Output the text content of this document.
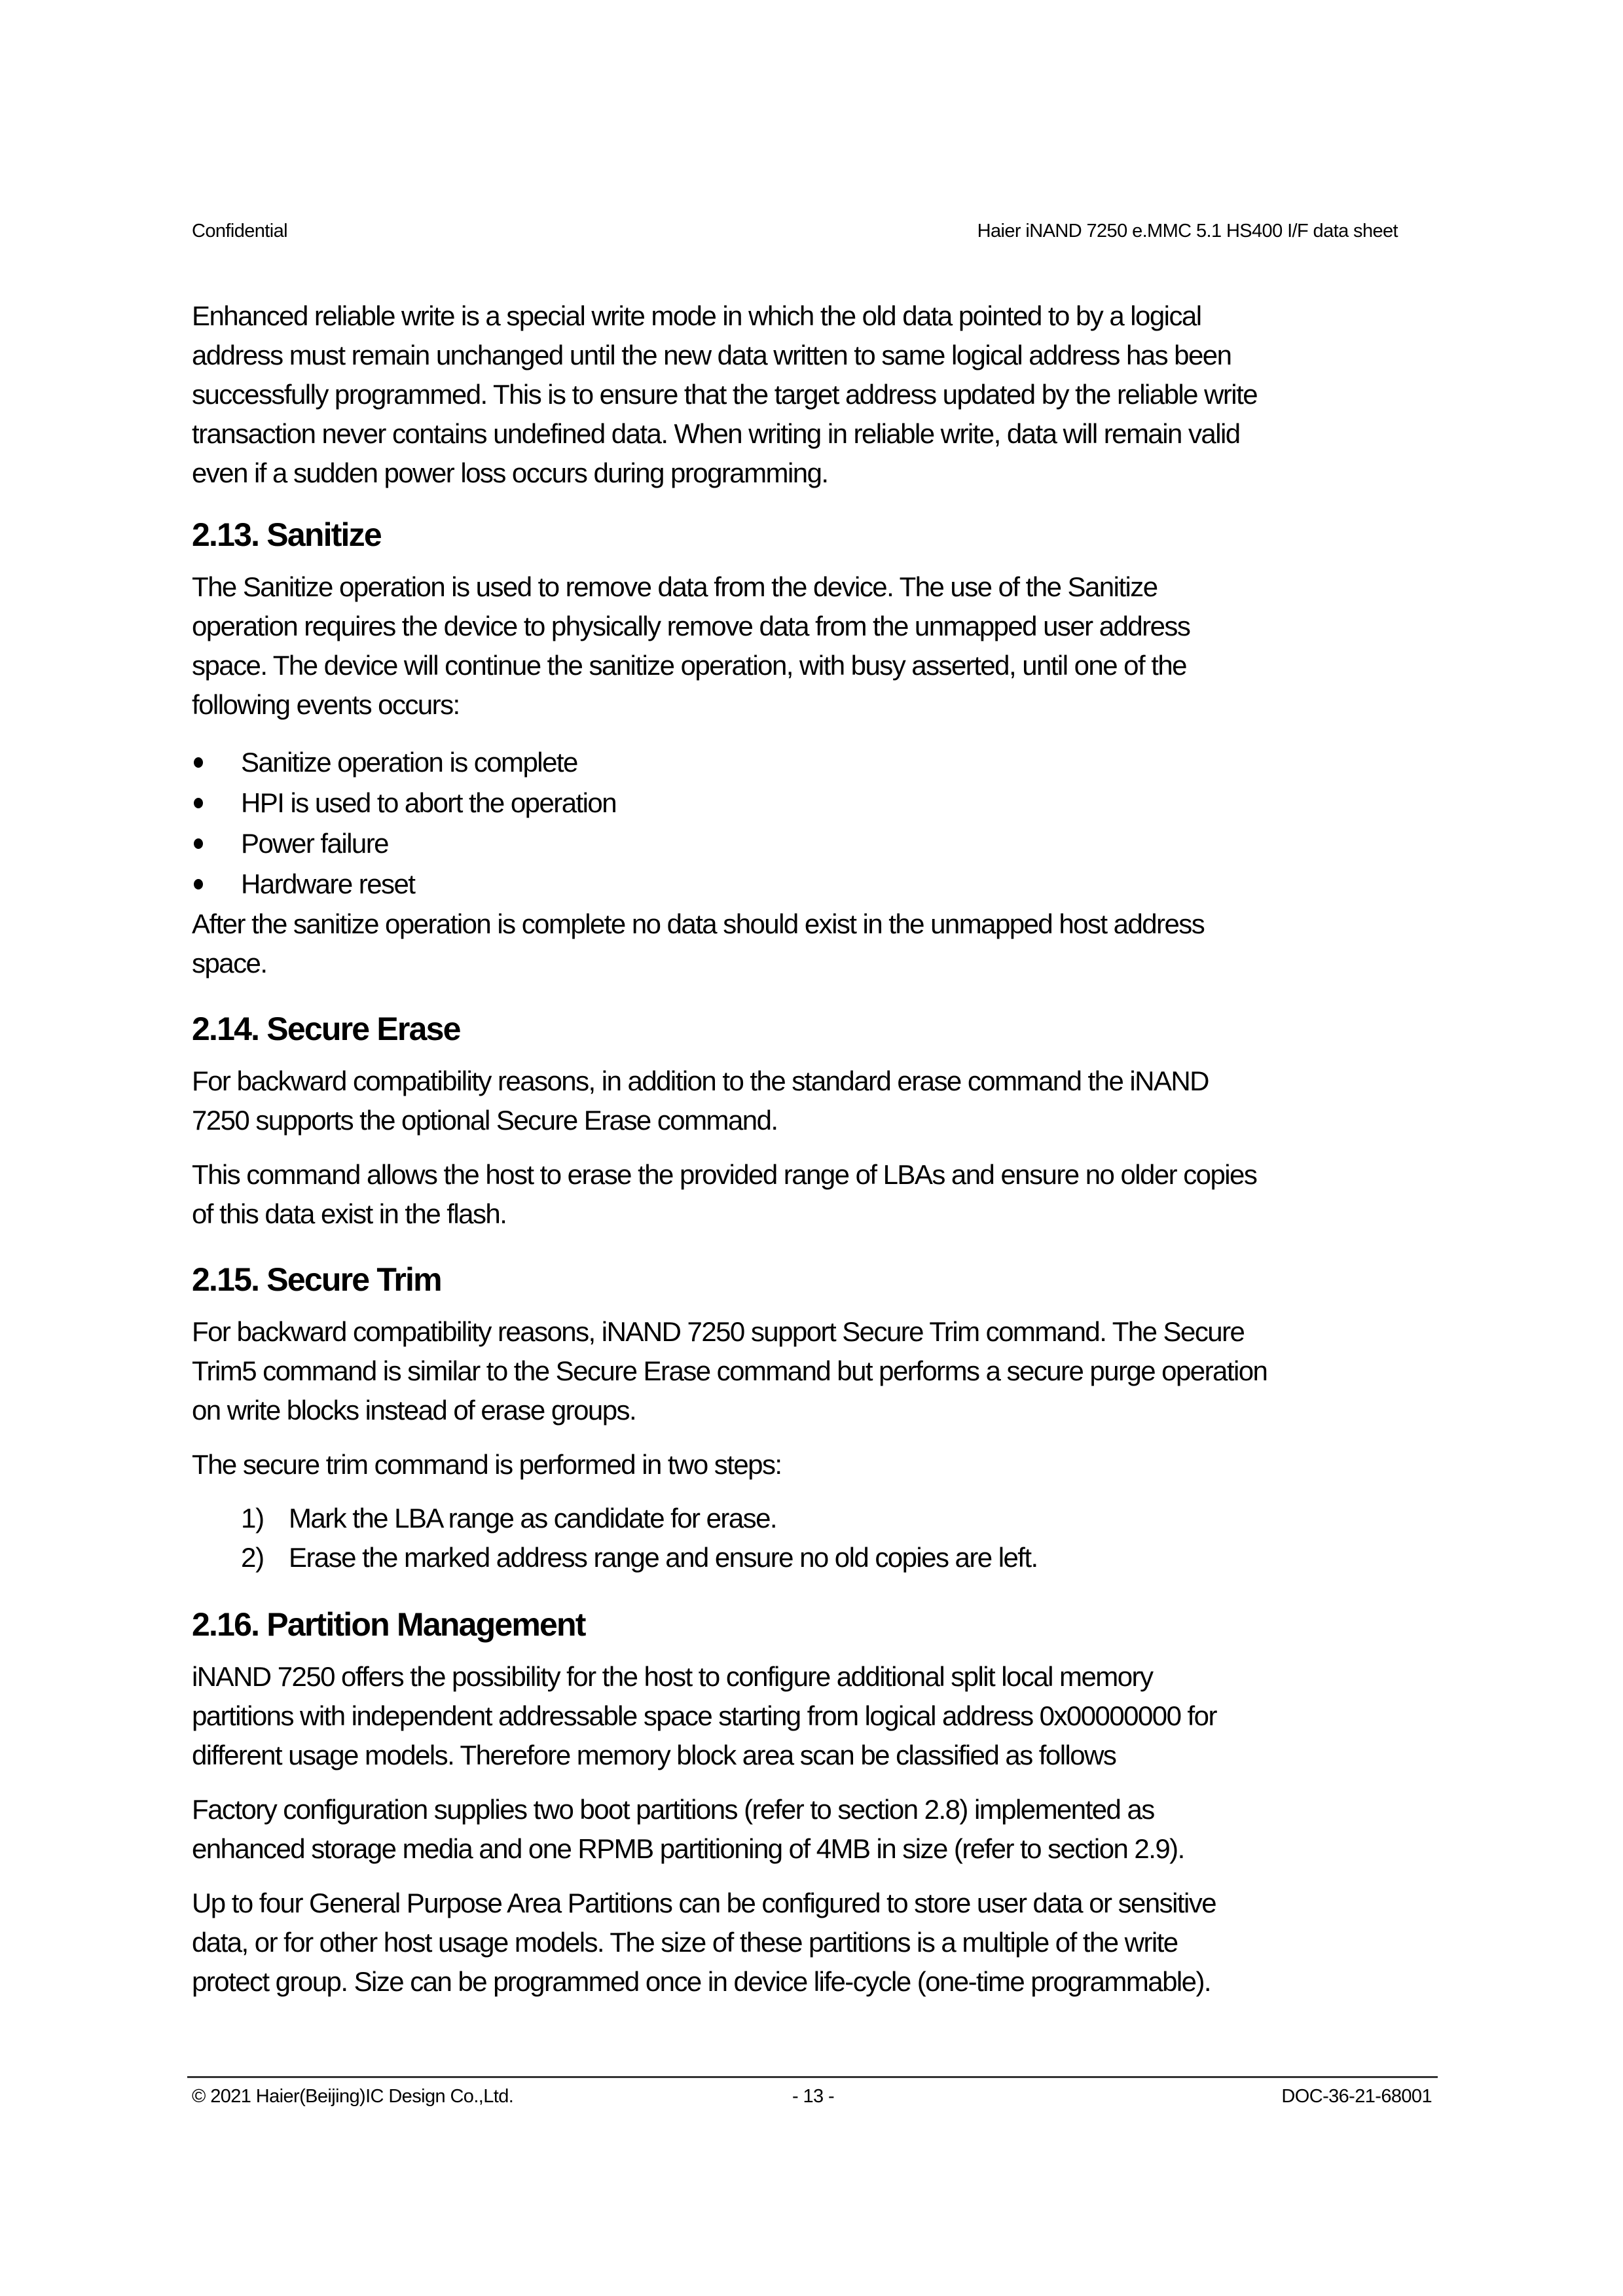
Confidential	Haier iNAND 7250 e.MMC 5.1 HS400 I/F data sheet
Enhanced reliable write is a special write mode in which the old data pointed to by a logical
address must remain unchanged until the new data written to same logical address has been
successfully programmed. This is to ensure that the target address updated by the reliable write
transaction never contains undefined data. When writing in reliable write, data will remain valid
even if a sudden power loss occurs during programming.
2.13. Sanitize
The Sanitize operation is used to remove data from the device. The use of the Sanitize
operation requires the device to physically remove data from the unmapped user address
space. The device will continue the sanitize operation, with busy asserted, until one of the
following events occurs:
Sanitize operation is complete
HPI is used to abort the operation
Power failure
Hardware reset
After the sanitize operation is complete no data should exist in the unmapped host address
space.
2.14. Secure Erase
For backward compatibility reasons, in addition to the standard erase command the iNAND
7250 supports the optional Secure Erase command.
This command allows the host to erase the provided range of LBAs and ensure no older copies
of this data exist in the flash.
2.15. Secure Trim
For backward compatibility reasons, iNAND 7250 support Secure Trim command. The Secure
Trim5 command is similar to the Secure Erase command but performs a secure purge operation
on write blocks instead of erase groups.
The secure trim command is performed in two steps:
1) Mark the LBA range as candidate for erase.
2) Erase the marked address range and ensure no old copies are left.
2.16. Partition Management
iNAND 7250 offers the possibility for the host to configure additional split local memory
partitions with independent addressable space starting from logical address 0x00000000 for
different usage models. Therefore memory block area scan be classified as follows
Factory configuration supplies two boot partitions (refer to section 2.8) implemented as
enhanced storage media and one RPMB partitioning of 4MB in size (refer to section 2.9).
Up to four General Purpose Area Partitions can be configured to store user data or sensitive
data, or for other host usage models. The size of these partitions is a multiple of the write
protect group. Size can be programmed once in device life-cycle (one-time programmable).
© 2021 Haier(Beijing)IC Design Co.,Ltd.	- 13 -	DOC-36-21-68001
